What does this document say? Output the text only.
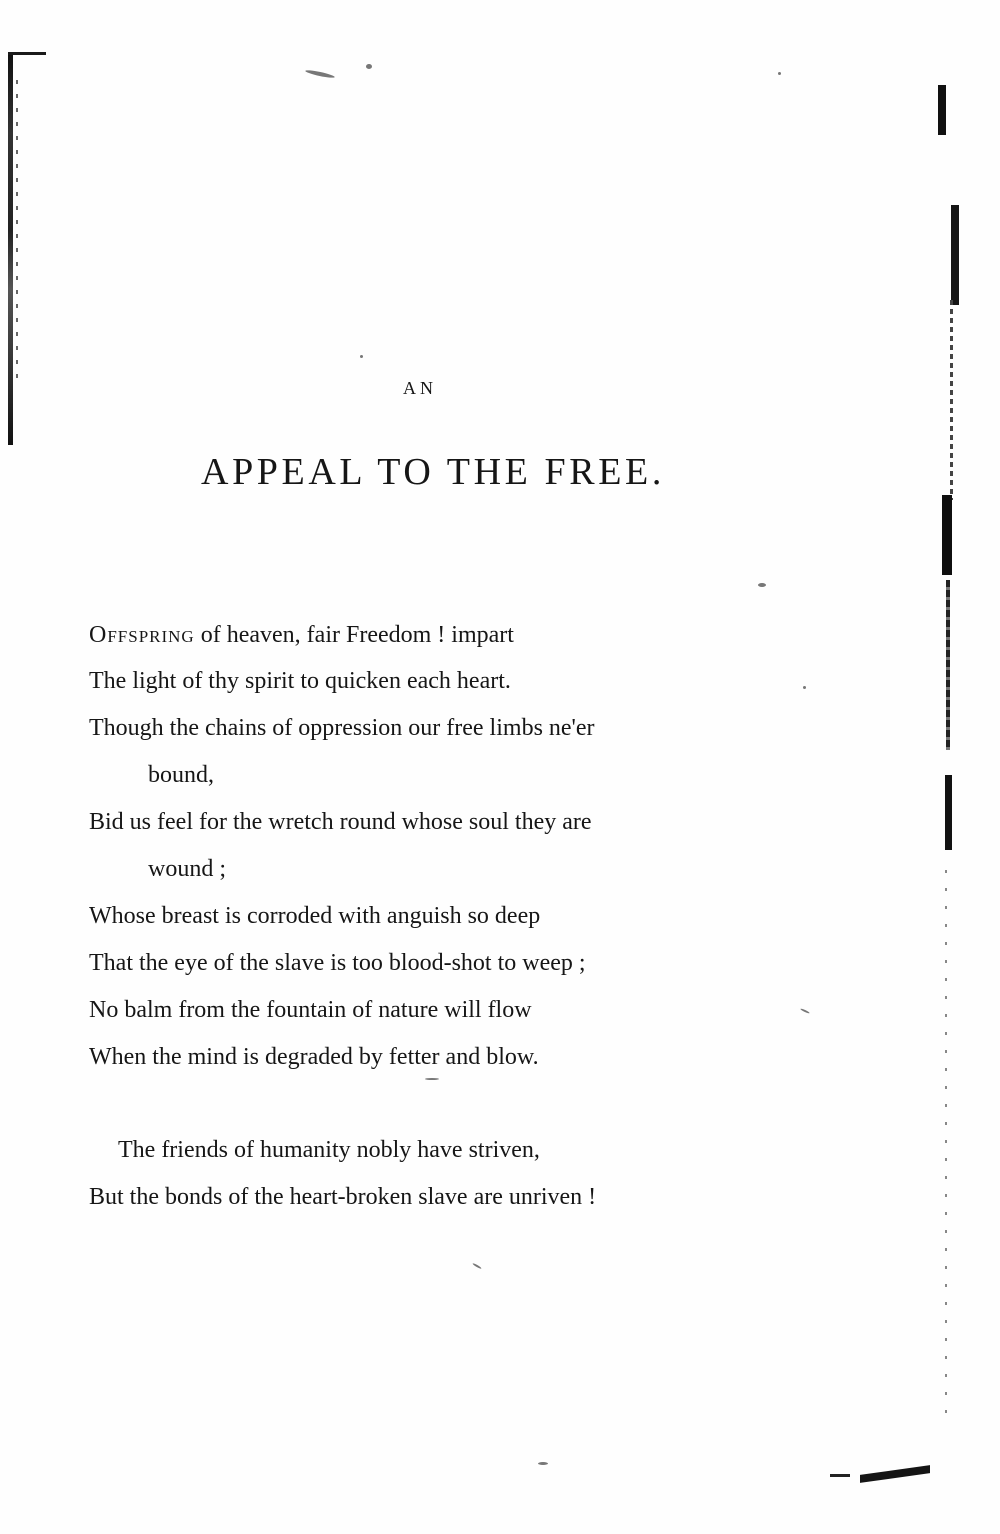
AN
APPEAL TO THE FREE.
Offspring of heaven, fair Freedom ! impart
The light of thy spirit to quicken each heart.
Though the chains of oppression our free limbs ne'er
bound,
Bid us feel for the wretch round whose soul they are
wound ;
Whose breast is corroded with anguish so deep
That the eye of the slave is too blood-shot to weep ;
No balm from the fountain of nature will flow
When the mind is degraded by fetter and blow.
The friends of humanity nobly have striven,
But the bonds of the heart-broken slave are unriven !
